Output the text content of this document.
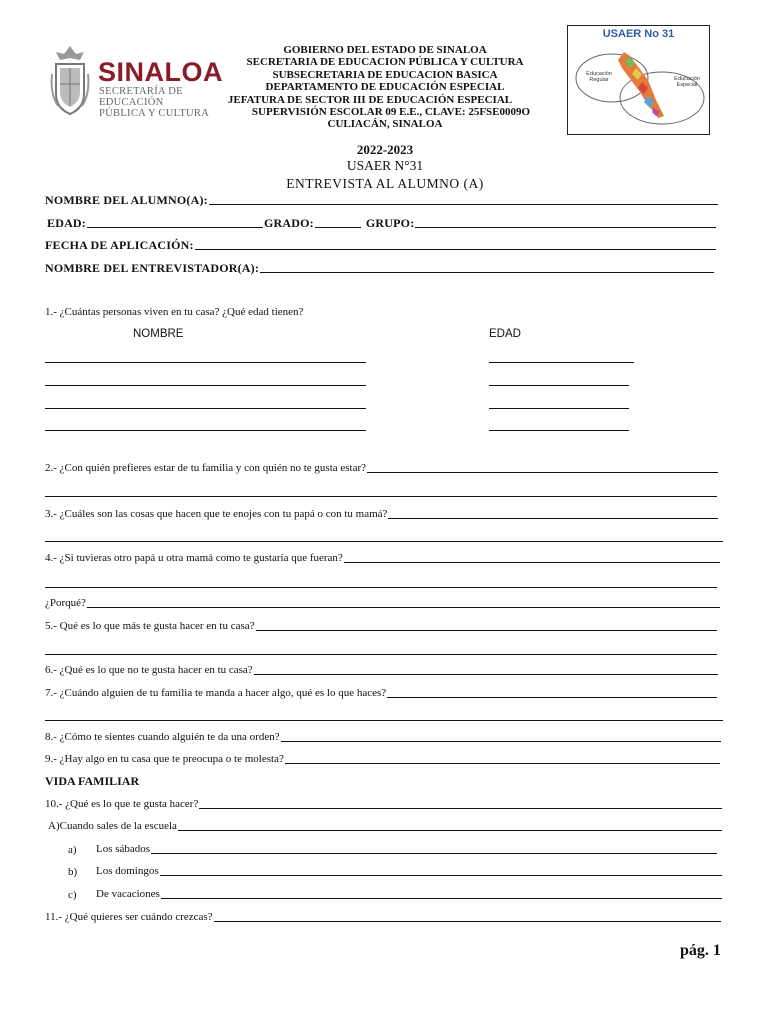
SINALOA
SECRETARÍA DE EDUCACIÓN
PÚBLICA Y CULTURA
GOBIERNO DEL ESTADO DE SINALOA
SECRETARIA DE EDUCACION PÚBLICA Y CULTURA
SUBSECRETARIA DE EDUCACION BASICA
DEPARTAMENTO DE EDUCACIÓN ESPECIAL
JEFATURA DE SECTOR III DE EDUCACIÓN ESPECIAL
SUPERVISIÓN ESCOLAR 09 E.E., CLAVE: 25FSE0009O
CULIACÁN, SINALOA
2022-2023
USAER N°31
ENTREVISTA AL ALUMNO (A)
USAER No 31
Educación Regular	Educación Especial
NOMBRE DEL ALUMNO(A):
EDAD:	GRADO:	GRUPO:
FECHA DE APLICACIÓN:
NOMBRE DEL ENTREVISTADOR(A):
1.- ¿Cuántas personas viven en tu casa? ¿Qué edad tienen?
NOMBRE	EDAD
2.- ¿Con quién prefieres estar de tu familia y con quién no te gusta estar?
3.- ¿Cuáles son las cosas que hacen que te enojes con tu papá o con tu mamá?
4.- ¿Si tuvieras otro papá u otra mamá como te gustaría que fueran?
¿Porqué?
5.- Qué es lo que más te gusta hacer en tu casa?
6.- ¿Qué es lo que no te gusta hacer en tu casa?
7.- ¿Cuándo alguien de tu familia te manda a hacer algo, qué es lo que haces?
8.- ¿Cómo te sientes cuando alguién te da una orden?
9.- ¿Hay algo en tu casa que te preocupa o te molesta?
VIDA FAMILIAR
10.- ¿Qué es lo que te gusta hacer?
A)Cuando sales de la escuela
a)	Los sábados
b)	Los domingos
c)	De vacaciones
11.- ¿Qué quieres ser cuándo crezcas?
pág. 1
